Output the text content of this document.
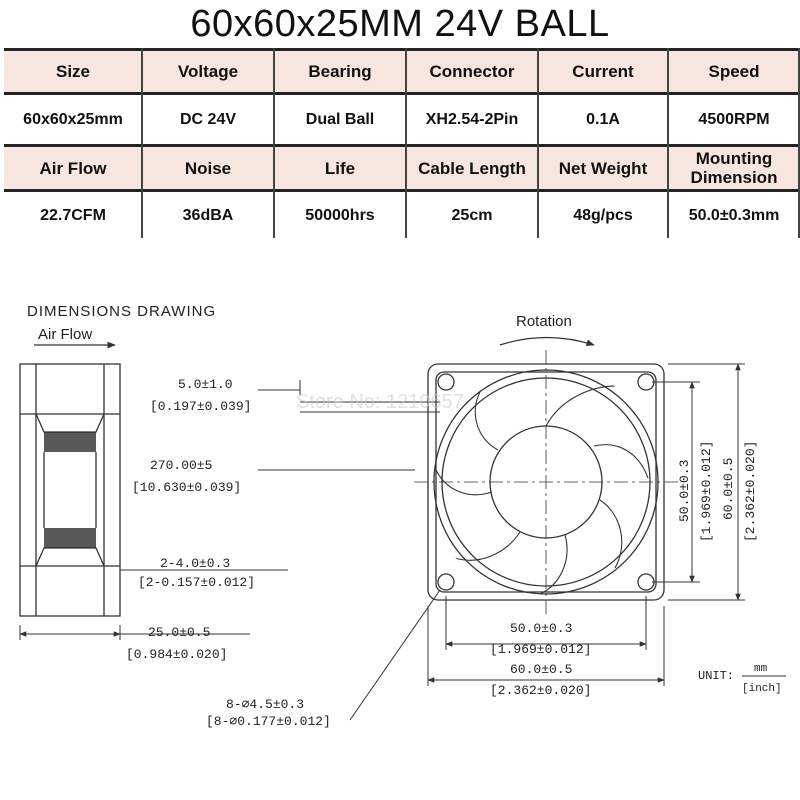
60x60x25MM 24V BALL
Size	Voltage	Bearing	Connector	Current	Speed
60x60x25mm	DC 24V	Dual Ball	XH2.54-2Pin	0.1A	4500RPM
Air Flow	Noise	Life	Cable Length	Net Weight	Mounting Dimension
22.7CFM	36dBA	50000hrs	25cm	48g/pcs	50.0±0.3mm
DIMENSIONS DRAWING
Air Flow
Rotation
5.0±1.0
[0.197±0.039]
270.00±5
[10.630±0.039]
2-4.0±0.3
[2-0.157±0.012]
25.0±0.5
[0.984±0.020]
8-⌀4.5±0.3
[8-⌀0.177±0.012]
Store No: 1210657
50.0±0.3
[1.969±0.012]
60.0±0.5
[2.362±0.020]
50.0±0.3 [1.969±0.012] 60.0±0.5 [2.362±0.020]
UNIT: mm
[inch]
